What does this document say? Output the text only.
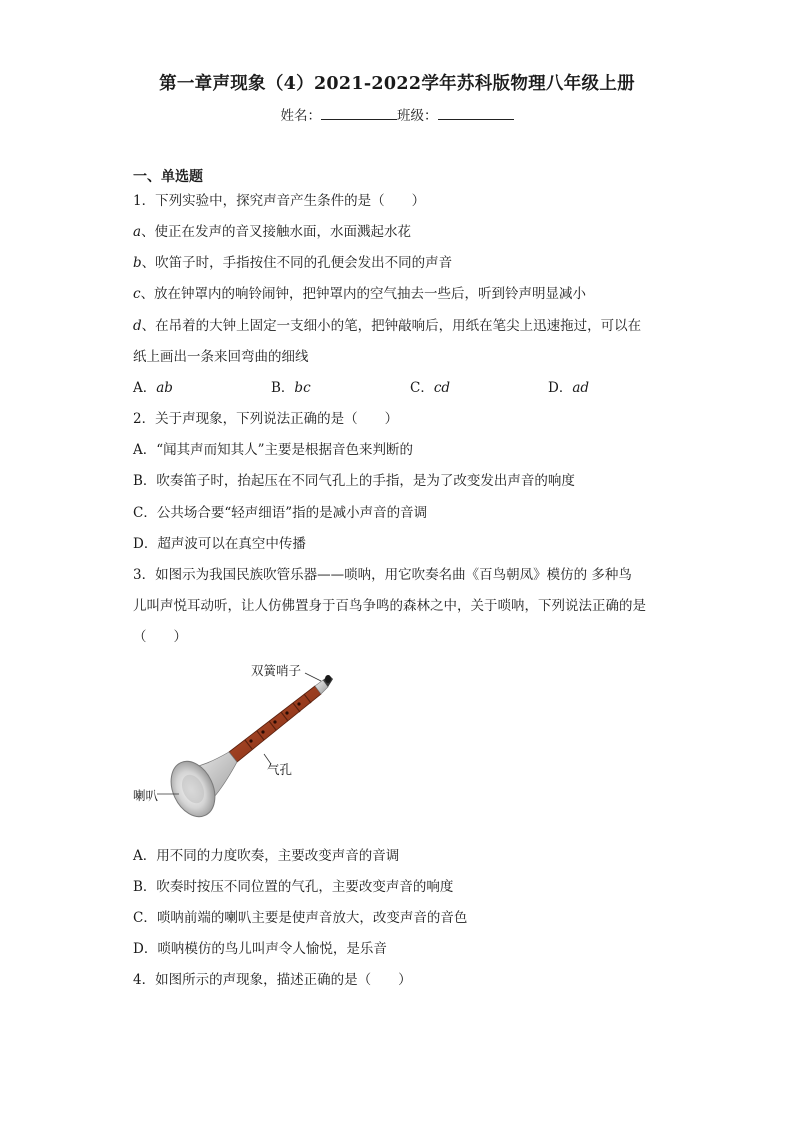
第一章声现象（4）2021-2022学年苏科版物理八年级上册
姓名：	班级：
一、单选题
1．下列实验中，探究声音产生条件的是（　　）
a、使正在发声的音叉接触水面，水面溅起水花
b、吹笛子时，手指按住不同的孔便会发出不同的声音
c、放在钟罩内的响铃闹钟，把钟罩内的空气抽去一些后，听到铃声明显减小
d、在吊着的大钟上固定一支细小的笔，把钟敲响后，用纸在笔尖上迅速拖过，可以在
纸上画出一条来回弯曲的细线
A．ab	B．bc	C．cd	D．ad
2．关于声现象，下列说法正确的是（　　）
A．“闻其声而知其人”主要是根据音色来判断的
B．吹奏笛子时，抬起压在不同气孔上的手指，是为了改变发出声音的响度
C．公共场合要“轻声细语”指的是减小声音的音调
D．超声波可以在真空中传播
3．如图示为我国民族吹管乐器——唢呐，用它吹奏名曲《百鸟朝凤》模仿的 多种鸟
儿叫声悦耳动听，让人仿佛置身于百鸟争鸣的森林之中，关于唢呐，下列说法正确的是
（　　）
双簧哨子
气孔
喇叭
A．用不同的力度吹奏，主要改变声音的音调
B．吹奏时按压不同位置的气孔，主要改变声音的响度
C．唢呐前端的喇叭主要是使声音放大，改变声音的音色
D．唢呐模仿的鸟儿叫声令人愉悦，是乐音
4．如图所示的声现象，描述正确的是（　　）
